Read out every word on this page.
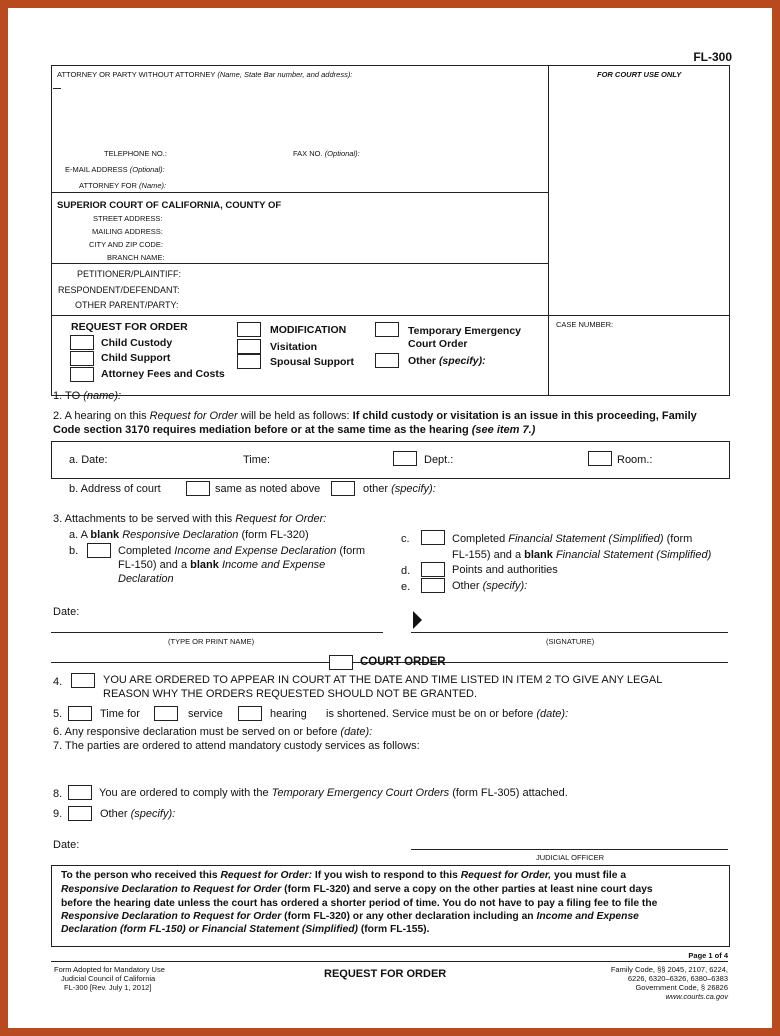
FL-300
ATTORNEY OR PARTY WITHOUT ATTORNEY (Name, State Bar number, and address):	FOR COURT USE ONLY
TELEPHONE NO.:	FAX NO. (Optional):
E-MAIL ADDRESS (Optional):
ATTORNEY FOR (Name):
SUPERIOR COURT OF CALIFORNIA, COUNTY OF
STREET ADDRESS:
MAILING ADDRESS:
CITY AND ZIP CODE:
BRANCH NAME:
PETITIONER/PLAINTIFF:
RESPONDENT/DEFENDANT:
OTHER PARENT/PARTY:
REQUEST FOR ORDER
Child Custody
Child Support
Attorney Fees and Costs
MODIFICATION
Visitation
Spousal Support
Temporary Emergency
Court Order
Other (specify):
CASE NUMBER:
1. TO (name):
2. A hearing on this Request for Order will be held as follows: If child custody or visitation is an issue in this proceeding, Family
Code section 3170 requires mediation before or at the same time as the hearing (see item 7.)
a. Date:	Time:	Dept.:	Room.:
b. Address of court	same as noted above	other (specify):
3. Attachments to be served with this Request for Order:
a. A blank Responsive Declaration (form FL-320)
b.	Completed Income and Expense Declaration (form
FL-150) and a blank Income and Expense
Declaration
c.	Completed Financial Statement (Simplified) (form
FL-155) and a blank Financial Statement (Simplified)
d.	Points and authorities
e.	Other (specify):
Date:
(TYPE OR PRINT NAME)	(SIGNATURE)
COURT ORDER
4.	YOU ARE ORDERED TO APPEAR IN COURT AT THE DATE AND TIME LISTED IN ITEM 2 TO GIVE ANY LEGAL
REASON WHY THE ORDERS REQUESTED SHOULD NOT BE GRANTED.
5.	Time for	service	hearing is shortened. Service must be on or before (date):
6. Any responsive declaration must be served on or before (date):
7. The parties are ordered to attend mandatory custody services as follows:
8.	You are ordered to comply with the Temporary Emergency Court Orders (form FL-305) attached.
9.	Other (specify):
Date:
JUDICIAL OFFICER
To the person who received this Request for Order: If you wish to respond to this Request for Order, you must file a
Responsive Declaration to Request for Order (form FL-320) and serve a copy on the other parties at least nine court days
before the hearing date unless the court has ordered a shorter period of time. You do not have to pay a filing fee to file the
Responsive Declaration to Request for Order (form FL-320) or any other declaration including an Income and Expense
Declaration (form FL-150) or Financial Statement (Simplified) (form FL-155).
Page 1 of 4
Form Adopted for Mandatory Use
Judicial Council of California
FL-300 [Rev. July 1, 2012]
REQUEST FOR ORDER	Family Code, §§ 2045, 2107, 6224,
6226, 6320–6326, 6380–6383
Government Code, § 26826
www.courts.ca.gov
